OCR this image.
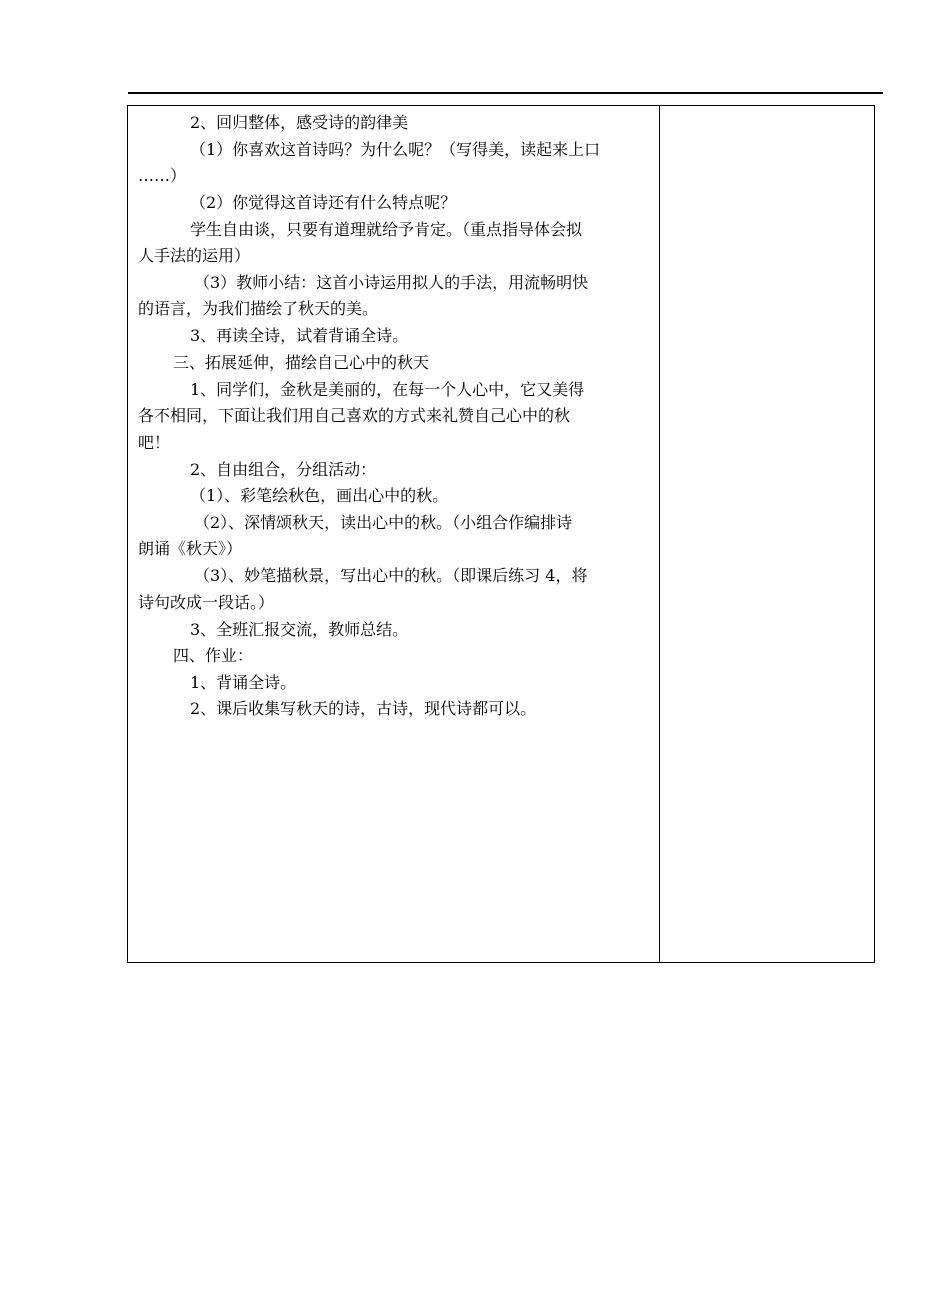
2、回归整体，感受诗的韵律美
（1）你喜欢这首诗吗？为什么呢？（写得美，读起来上口
……）
（2）你觉得这首诗还有什么特点呢？
学生自由谈，只要有道理就给予肯定。（重点指导体会拟
人手法的运用）
（3）教师小结：这首小诗运用拟人的手法，用流畅明快
的语言，为我们描绘了秋天的美。
3、再读全诗，试着背诵全诗。
三、拓展延伸，描绘自己心中的秋天
1、同学们，金秋是美丽的，在每一个人心中，它又美得
各不相同，下面让我们用自己喜欢的方式来礼赞自己心中的秋
吧！
2、自由组合，分组活动：
（1）、彩笔绘秋色，画出心中的秋。
（2）、深情颂秋天，读出心中的秋。（小组合作编排诗
朗诵《秋天》）
（3）、妙笔描秋景，写出心中的秋。（即课后练习 4，将
诗句改成一段话。）
3、全班汇报交流，教师总结。
四、作业：
1、背诵全诗。
2、课后收集写秋天的诗，古诗，现代诗都可以。
